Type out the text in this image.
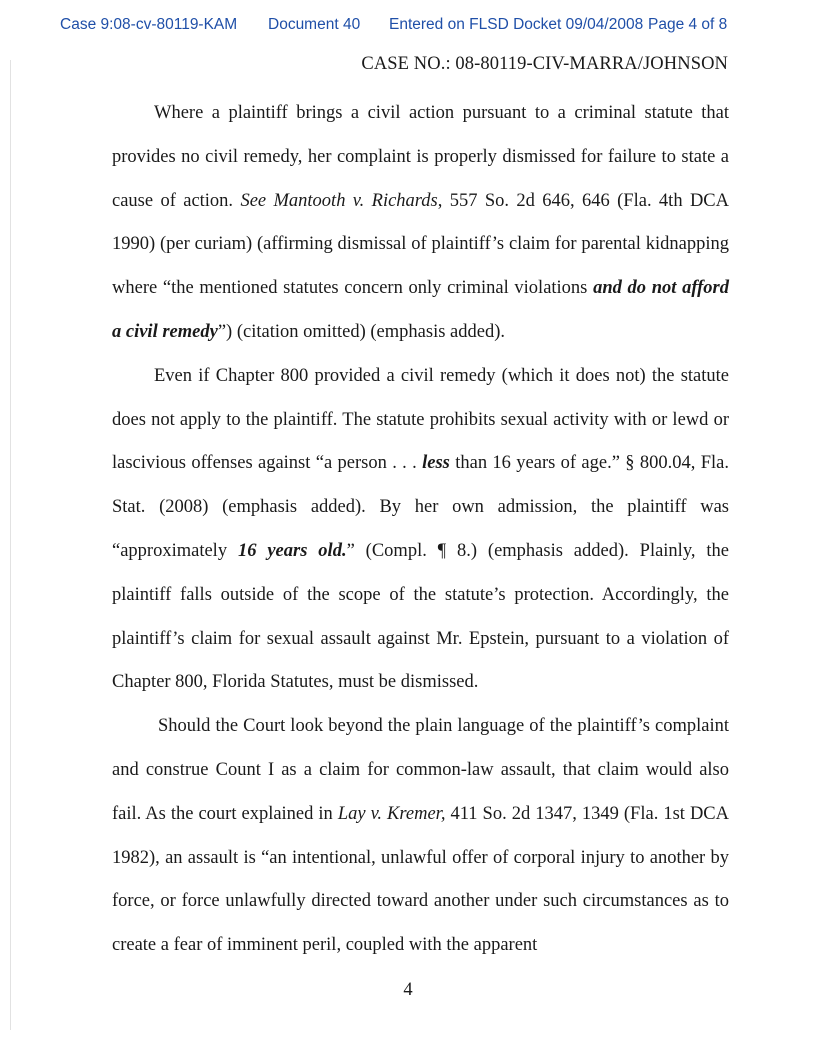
Case 9:08-cv-80119-KAM Document 40 Entered on FLSD Docket 09/04/2008 Page 4 of 8
CASE NO.: 08-80119-CIV-MARRA/JOHNSON

Where a plaintiff brings a civil action pursuant to a criminal statute that provides no civil remedy, her complaint is properly dismissed for failure to state a cause of action. See Mantooth v. Richards, 557 So. 2d 646, 646 (Fla. 4th DCA 1990) (per curiam) (affirming dismissal of plaintiff’s claim for parental kidnapping where “the mentioned statutes concern only criminal violations and do not afford a civil remedy”) (citation omitted) (emphasis added).

Even if Chapter 800 provided a civil remedy (which it does not) the statute does not apply to the plaintiff. The statute prohibits sexual activity with or lewd or lascivious offenses against “a person . . . less than 16 years of age.” § 800.04, Fla. Stat. (2008) (emphasis added). By her own admission, the plaintiff was “approximately 16 years old.” (Compl. ¶ 8.) (emphasis added). Plainly, the plaintiff falls outside of the scope of the statute’s protection. Accordingly, the plaintiff’s claim for sexual assault against Mr. Epstein, pursuant to a violation of Chapter 800, Florida Statutes, must be dismissed.

Should the Court look beyond the plain language of the plaintiff’s complaint and construe Count I as a claim for common-law assault, that claim would also fail. As the court explained in Lay v. Kremer, 411 So. 2d 1347, 1349 (Fla. 1st DCA 1982), an assault is “an intentional, unlawful offer of corporal injury to another by force, or force unlawfully directed toward another under such circumstances as to create a fear of imminent peril, coupled with the apparent

4
